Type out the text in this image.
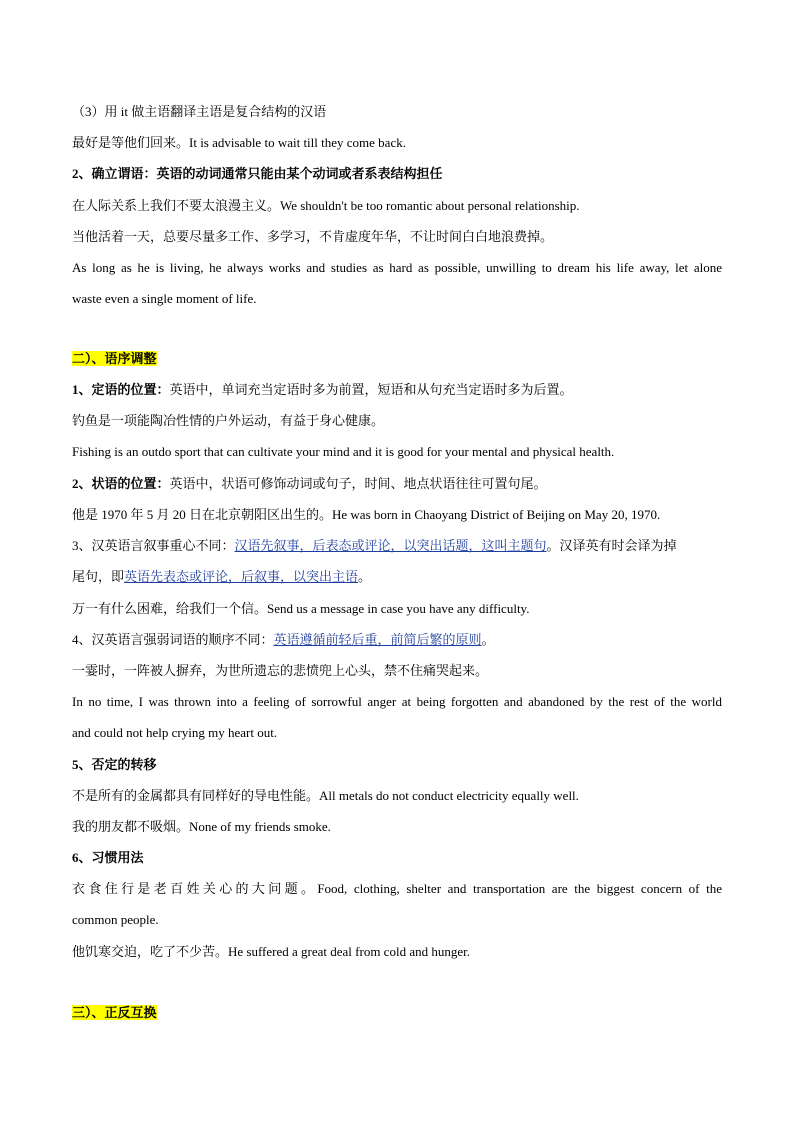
（3）用 it 做主语翻译主语是复合结构的汉语
最好是等他们回来。It is advisable to wait till they come back.
2、确立谓语：英语的动词通常只能由某个动词或者系表结构担任
在人际关系上我们不要太浪漫主义。We shouldn't be too romantic about personal relationship.
当他活着一天，总要尽量多工作、多学习，不肯虚度年华，不让时间白白地浪费掉。
As long as he is living, he always works and studies as hard as possible, unwilling to dream his life away, let alone
waste even a single moment of life.
二）、语序调整
1、定语的位置：英语中，单词充当定语时多为前置，短语和从句充当定语时多为后置。
钓鱼是一项能陶冶性情的户外运动，有益于身心健康。
Fishing is an outdo sport that can cultivate your mind and it is good for your mental and physical health.
2、状语的位置：英语中，状语可修饰动词或句子，时间、地点状语往往可置句尾。
他是 1970 年 5 月 20 日在北京朝阳区出生的。He was born in Chaoyang District of Beijing on May 20, 1970.
3、汉英语言叙事重心不同：汉语先叙事，后表态或评论，以突出话题，这叫主题句。汉译英有时会译为掉
尾句，即英语先表态或评论，后叙事，以突出主语。
万一有什么困难，给我们一个信。Send us a message in case you have any difficulty.
4、汉英语言强弱词语的顺序不同：英语遵循前轻后重，前简后繁的原则。
一霎时，一阵被人摒弃，为世所遗忘的悲愤兜上心头，禁不住痛哭起来。
In no time, I was thrown into a feeling of sorrowful anger at being forgotten and abandoned by the rest of the world
and could not help crying my heart out.
5、否定的转移
不是所有的金属都具有同样好的导电性能。All metals do not conduct electricity equally well.
我的朋友都不吸烟。None of my friends smoke.
6、习惯用法
衣食住行是老百姓关心的大问题。Food, clothing, shelter and transportation are the biggest concern of the
common people.
他饥寒交迫，吃了不少苦。He suffered a great deal from cold and hunger.
三）、正反互换
